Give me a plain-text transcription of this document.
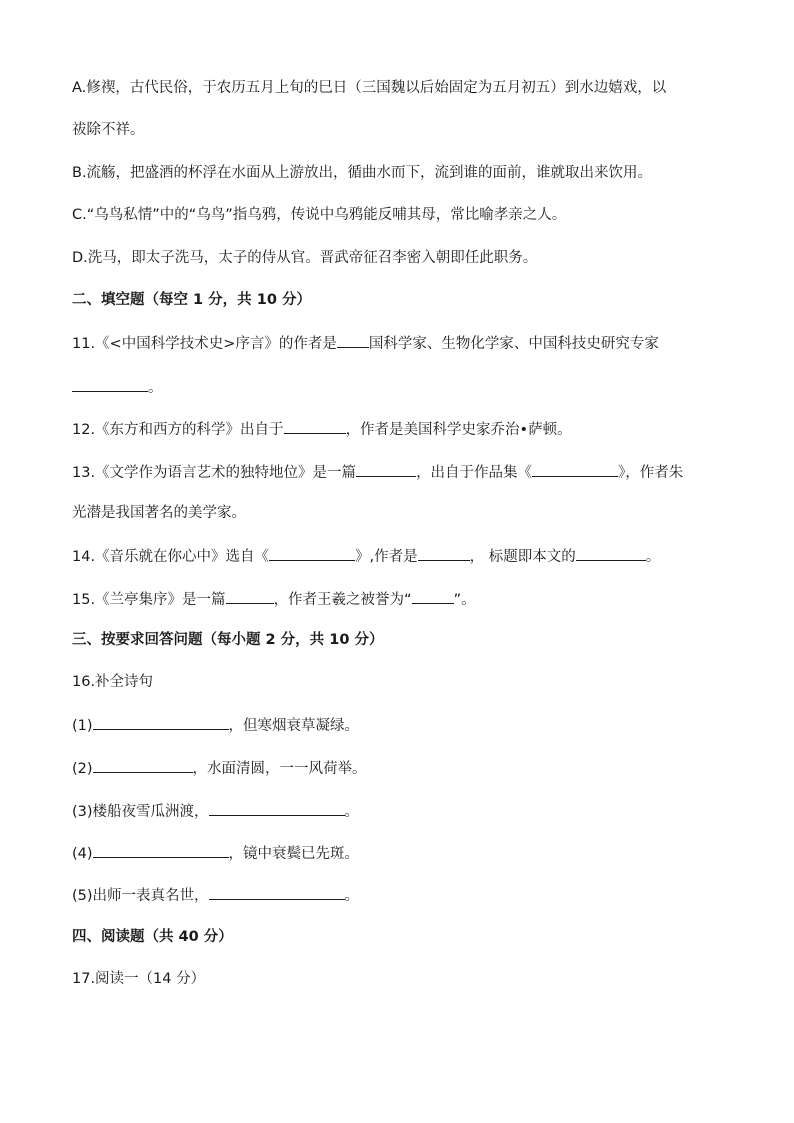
A.修禊，古代民俗，于农历五月上旬的巳日（三国魏以后始固定为五月初五）到水边嬉戏，以
祓除不祥。
B.流觞，把盛酒的杯浮在水面从上游放出，循曲水而下，流到谁的面前，谁就取出来饮用。
C.“乌鸟私情”中的“乌鸟”指乌鸦，传说中乌鸦能反哺其母，常比喻孝亲之人。
D.洗马，即太子洗马，太子的侍从官。晋武帝征召李密入朝即任此职务。
二、填空题（每空 1 分，共 10 分）
11.《<中国科学技术史>序言》的作者是 国科学家、生物化学家、中国科技史研究专家
。
12.《东方和西方的科学》出自于	，作者是美国科学史家乔治•萨顿。
13.《文学作为语言艺术的独特地位》是一篇	，出自于作品集《	》，作者朱
光潜是我国著名的美学家。
14.《音乐就在你心中》选自《	》,作者是	， 标题即本文的	。
15.《兰亭集序》是一篇	，作者王羲之被誉为“	”。
三、按要求回答问题（每小题 2 分，共 10 分）
16.补全诗句
(1)	，但寒烟衰草凝绿。
(2)	，水面清圆，一一风荷举。
(3)楼船夜雪瓜洲渡，	。
(4)	，镜中衰鬓已先斑。
(5)出师一表真名世，	。
四、阅读题（共 40 分）
17.阅读一（14 分）
